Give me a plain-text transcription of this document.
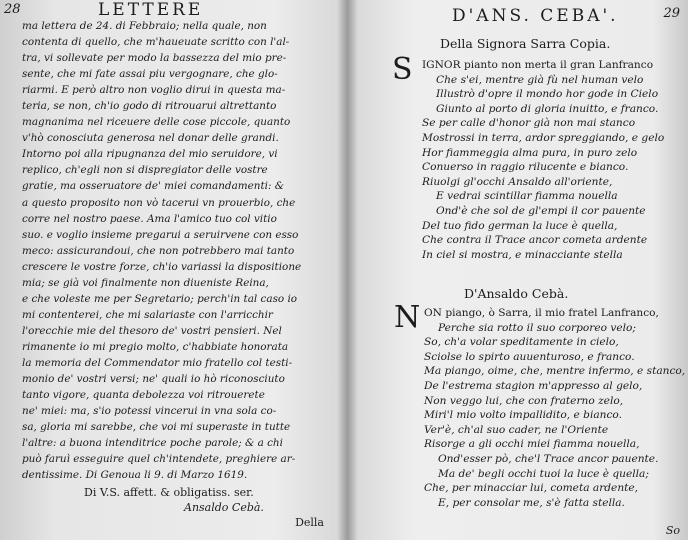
28	LETTERE
ma lettera de 24. di Febbraio; nella quale, non
contenta di quello, che m'haueuate scritto con l'al-
tra, vi sollevate per modo la bassezza del mio pre-
sente, che mi fate assai piu vergognare, che glo-
riarmi. E però altro non voglio dirui in questa ma-
teria, se non, ch'io godo di ritrouarui altrettanto
magnanima nel riceuere delle cose piccole, quanto
v'hò conosciuta generosa nel donar delle grandi.
Intorno poi alla ripugnanza del mio seruidore, vi
replico, ch'egli non si dispregiator delle vostre
gratie, ma osseruatore de' miei comandamenti: &
a questo proposito non vò tacerui vn prouerbio, che
corre nel nostro paese. Ama l'amico tuo col vitio
suo. e voglio insieme pregarui a seruirvene con esso
meco: assicurandoui, che non potrebbero mai tanto
crescere le vostre forze, ch'io variassi la dispositione
mia; se già voi finalmente non diueniste Reina,
e che voleste me per Segretario; perch'in tal caso io
mi contenterei, che mi salariaste con l'arricchir
l'orecchie mie del thesoro de' vostri pensieri. Nel
rimanente io mi pregio molto, c'habbiate honorata
la memoria del Commendator mio fratello col testi-
monio de' vostri versi; ne' quali io hò riconosciuto
tanto vigore, quanta debolezza voi ritrouerete
ne' miei: ma, s'io potessi vincerui in vna sola co-
sa, gloria mi sarebbe, che voi mi superaste in tutte
l'altre: a buona intenditrice poche parole; & a chi
può faruì esseguire quel ch'intendete, preghiere ar-
dentissime. Di Genoua li 9. di Marzo 1619.
Di V.S. affett. & obligatiss. ser.
Ansaldo Cebà.
Della
D'ANS. CEBA'.	29
Della Signora Sarra Copia.
S IGNOR pianto non merta il gran Lanfranco
Che s'ei, mentre già fù nel human velo
Illustrò d'opre il mondo hor gode in Cielo
Giunto al porto di gloria inuitto, e franco.
Se per calle d'honor già non mai stanco
Mostrossi in terra, ardor spreggiando, e gelo
Hor fiammeggia alma pura, in puro zelo
Conuerso in raggio rilucente e bianco.
Riuolgi gl'occhi Ansaldo all'oriente,
E vedrai scintillar fiamma nouella
Ond'è che sol de gl'empi il cor pauente
Del tuo fido german la luce è quella,
Che contra il Trace ancor cometa ardente
In ciel si mostra, e minacciante stella
D'Ansaldo Cebà.
N ON piango, ò Sarra, il mio fratel Lanfranco,
Perche sia rotto il suo corporeo velo;
So, ch'a volar speditamente in cielo,
Sciolse lo spirto auuenturoso, e franco.
Ma piango, oime, che, mentre infermo, e stanco,
De l'estrema stagion m'appresso al gelo,
Non veggo lui, che con fraterno zelo,
Miri'l mio volto impallidito, e bianco.
Ver'è, ch'al suo cader, ne l'Oriente
Risorge a gli occhi miei fiamma nouella,
Ond'esser pò, che'l Trace ancor pauente.
Ma de' begli occhi tuoi la luce è quella;
Che, per minacciar lui, cometa ardente,
E, per consolar me, s'è fatta stella.
So
